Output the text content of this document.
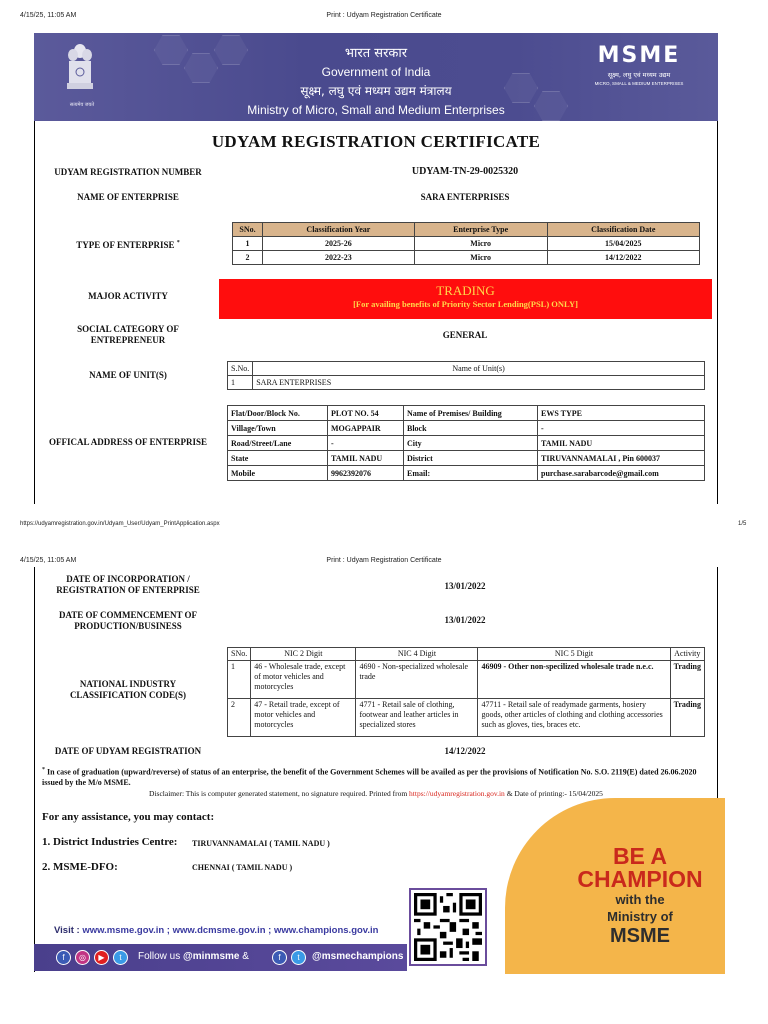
4/15/25, 11:05 AM	Print : Udyam Registration Certificate
सत्यमेव जयते
भारत सरकार
Government of India
सूक्ष्म, लघु एवं मध्यम उद्यम मंत्रालय
Ministry of Micro, Small and Medium Enterprises
MSME
सूक्ष्म, लघु एवं मध्यम उद्यम
MICRO, SMALL & MEDIUM ENTERPRISES
UDYAM REGISTRATION CERTIFICATE
UDYAM REGISTRATION NUMBER	UDYAM-TN-29-0025320
NAME OF ENTERPRISE	SARA ENTERPRISES
TYPE OF ENTERPRISE *
SNo.	Classification Year	Enterprise Type	Classification Date
1	2025-26	Micro	15/04/2025
2	2022-23	Micro	14/12/2022
MAJOR ACTIVITY	TRADING
[For availing benefits of Priority Sector Lending(PSL) ONLY]
SOCIAL CATEGORY OF
ENTREPRENEUR	GENERAL
NAME OF UNIT(S)
S.No.	Name of Unit(s)
1	SARA ENTERPRISES
OFFICAL ADDRESS OF ENTERPRISE
Flat/Door/Block No.	PLOT NO. 54	Name of Premises/ Building	EWS TYPE
Village/Town	MOGAPPAIR	Block	-
Road/Street/Lane	-	City	TAMIL NADU
State	TAMIL NADU	District	TIRUVANNAMALAI , Pin 600037
Mobile	9962392076	Email:	purchase.sarabarcode@gmail.com
https://udyamregistration.gov.in/Udyam_User/Udyam_PrintApplication.aspx	1/5
4/15/25, 11:05 AM	Print : Udyam Registration Certificate
DATE OF INCORPORATION /
REGISTRATION OF ENTERPRISE	13/01/2022
DATE OF COMMENCEMENT OF
PRODUCTION/BUSINESS
13/01/2022
NATIONAL INDUSTRY
CLASSIFICATION CODE(S)
SNo.	NIC 2 Digit	NIC 4 Digit	NIC 5 Digit	Activity
1	46 - Wholesale trade, except of motor vehicles and motorcycles	4690 - Non-specialized wholesale trade	46909 - Other non-specilized wholesale trade n.e.c.	Trading
2	47 - Retail trade, except of motor vehicles and motorcycles	4771 - Retail sale of clothing, footwear and leather articles in specialized stores	47711 - Retail sale of readymade garments, hosiery goods, other articles of clothing and clothing accessories such as gloves, ties, braces etc.	Trading
DATE OF UDYAM REGISTRATION	14/12/2022
* In case of graduation (upward/reverse) of status of an enterprise, the benefit of the Government Schemes will be availed as per the provisions of Notification No. S.O. 2119(E) dated 26.06.2020 issued by the M/o MSME.
Disclaimer: This is computer generated statement, no signature required. Printed from https://udyamregistration.gov.in & Date of printing:- 15/04/2025
BE A
CHAMPION
with the
Ministry of
MSME
For any assistance, you may contact:
1. District Industries Centre: TIRUVANNAMALAI ( TAMIL NADU )
2. MSME-DFO:	CHENNAI ( TAMIL NADU )
Visit : www.msme.gov.in ; www.dcmsme.gov.in ; www.champions.gov.in
f	◎	▶	t	Follow us @minmsme &	f	t	@msmechampions
